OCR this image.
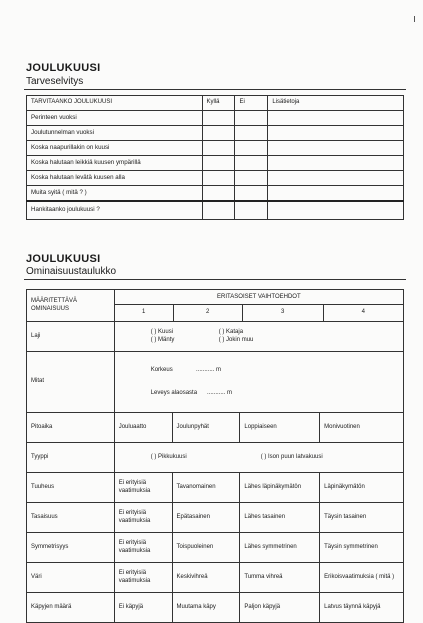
JOULUKUUSI
Tarveselvitys
TARVITAANKO JOULUKUUSI	Kyllä	Ei	Lisätietoja
Perinteen vuoksi			
Joulutunnelman vuoksi			
Koska naapurillakin on kuusi			
Koska halutaan leikkiä kuusen ympärillä			
Koska halutaan levätä kuusen alla			
Muita syitä ( mitä ? )			
Hankitaanko joulukuusi ?			
JOULUKUUSI
Ominaisuustaulukko
MÄÄRITETTÄVÄ OMINAISUUS	ERITASOISET VAIHTOEHDOT
1 2 3 4			

Laji	( ) Kuusi ( ) Kataja
( ) Mänty ( ) Jokin muu			

Mitat	Korkeus              ........... m

Leveys alaosasta      ........... m			

Pitoaika	Jouluaatto	Joulunpyhät	Loppiaiseen	Monivuotinen
Tyyppi	( ) Pikkukuusi ( ) Ison puun latvakuusi			
Tuuheus	Ei erityisiä vaatimuksia	Tavanomainen	Lähes läpinäkymätön	Läpinäkymätön
Tasaisuus	Ei erityisiä vaatimuksia	Epätasainen	Lähes tasainen	Täysin tasainen
Symmetrisyys	Ei erityisiä vaatimuksia	Toispuoleinen	Lähes symmetrinen	Täysin symmetrinen
Väri	Ei erityisiä vaatimuksia	Keskivihreä	Tumma vihreä	Erikoisvaatimuksia ( mitä )
Käpyjen määrä	Ei käpyjä	Muutama käpy	Paljon käpyjä	Latvus täynnä käpyjä
